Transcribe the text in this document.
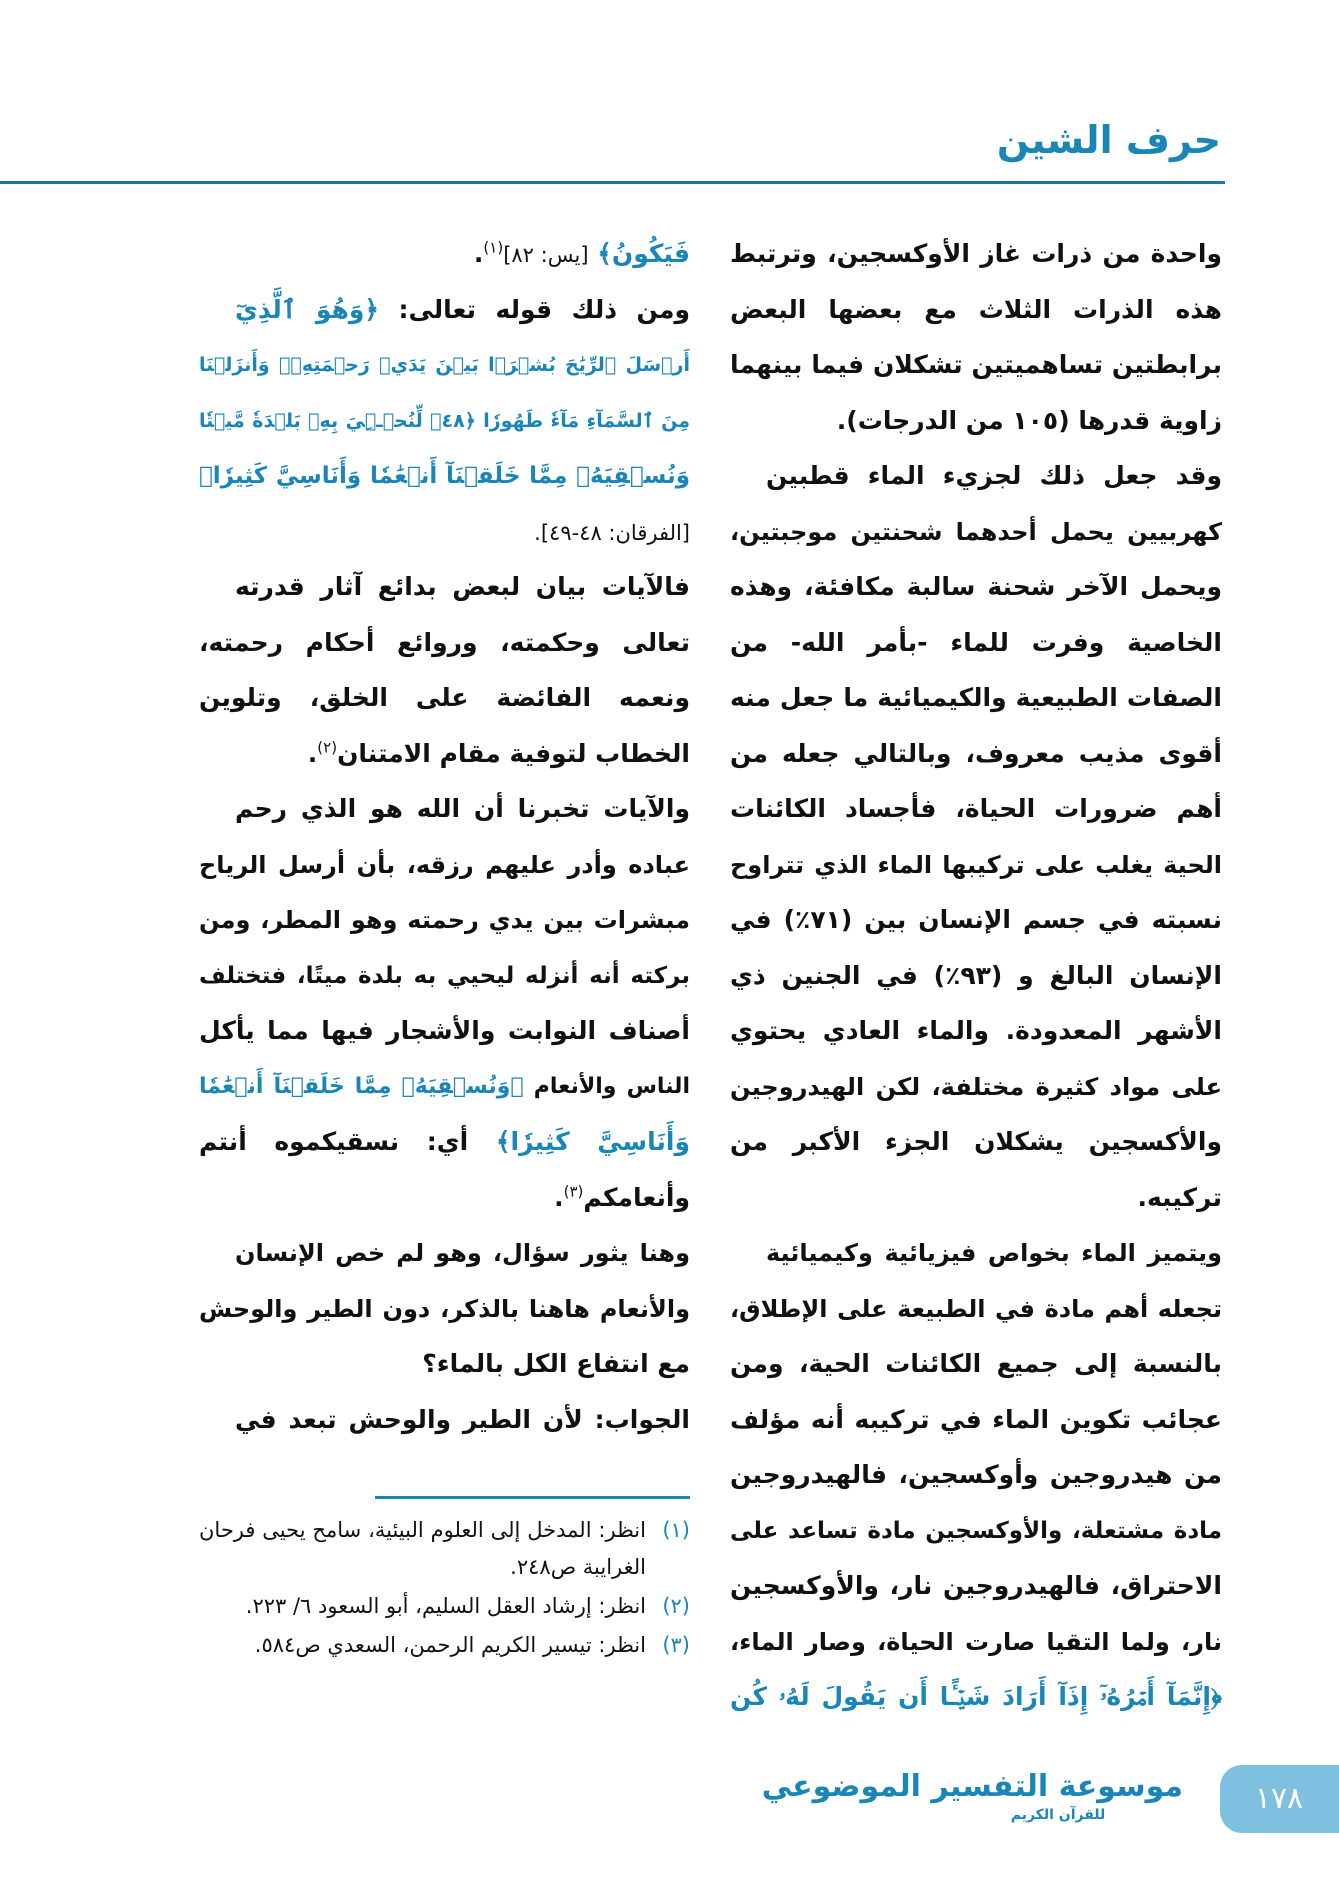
حرف الشين
واحدة من ذرات غاز الأوكسجين، وترتبط
هذه الذرات الثلاث مع بعضها البعض
برابطتين تساهميتين تشكلان فيما بينهما
زاوية قدرها (١٠٥ من الدرجات).
وقد جعل ذلك لجزيء الماء قطبين
كهربيين يحمل أحدهما شحنتين موجبتين،
ويحمل الآخر شحنة سالبة مكافئة، وهذه
الخاصية وفرت للماء -بأمر الله- من
الصفات الطبيعية والكيميائية ما جعل منه
أقوى مذيب معروف، وبالتالي جعله من
أهم ضرورات الحياة، فأجساد الكائنات
الحية يغلب على تركيبها الماء الذي تتراوح
نسبته في جسم الإنسان بين (٧١٪) في
الإنسان البالغ و (٩٣٪) في الجنين ذي
الأشهر المعدودة. والماء العادي يحتوي
على مواد كثيرة مختلفة، لكن الهيدروجين
والأكسجين يشكلان الجزء الأكبر من
تركيبه.
ويتميز الماء بخواص فيزيائية وكيميائية
تجعله أهم مادة في الطبيعة على الإطلاق،
بالنسبة إلى جميع الكائنات الحية، ومن
عجائب تكوين الماء في تركيبه أنه مؤلف
من هيدروجين وأوكسجين، فالهيدروجين
مادة مشتعلة، والأوكسجين مادة تساعد على
الاحتراق، فالهيدروجين نار، والأوكسجين
نار، ولما التقيا صارت الحياة، وصار الماء،
﴿إِنَّمَآ أَمۡرُهُۥٓ إِذَآ أَرَادَ شَيۡـًٔا أَن يَقُولَ لَهُۥ كُن
فَيَكُونُ﴾ [يس: ٨٢]$^{(١)}$.
ومن ذلك قوله تعالى: ﴿وَهُوَ ٱلَّذِيٓ
أَرۡسَلَ ٱلرِّيَٰحَ بُشۡرَۢا بَيۡنَ يَدَيۡ رَحۡمَتِهِۦۚ وَأَنزَلۡنَا
مِنَ ٱلسَّمَآءِ مَآءٗ طَهُورٗا ﴿٤٨﴾ لِّنُحۡـِۧيَ بِهِۦ بَلۡدَةٗ مَّيۡتٗا
وَنُسۡقِيَهُۥ مِمَّا خَلَقۡنَآ أَنۡعَٰمٗا وَأَنَاسِيَّ كَثِيرٗا﴾
[الفرقان: ٤٨-٤٩].
فالآيات بيان لبعض بدائع آثار قدرته
تعالى وحكمته، وروائع أحكام رحمته،
ونعمه الفائضة على الخلق، وتلوين
الخطاب لتوفية مقام الامتنان$^{(٢)}$.
والآيات تخبرنا أن الله هو الذي رحم
عباده وأدر عليهم رزقه، بأن أرسل الرياح
مبشرات بين يدي رحمته وهو المطر، ومن
بركته أنه أنزله ليحيي به بلدة ميتًا، فتختلف
أصناف النوابت والأشجار فيها مما يأكل
الناس والأنعام ﴿وَنُسۡقِيَهُۥ مِمَّا خَلَقۡنَآ أَنۡعَٰمٗا
وَأَنَاسِيَّ كَثِيرٗا﴾ أي: نسقيكموه أنتم
وأنعامكم$^{(٣)}$.
وهنا يثور سؤال، وهو لم خص الإنسان
والأنعام هاهنا بالذكر، دون الطير والوحش
مع انتفاع الكل بالماء؟
الجواب: لأن الطير والوحش تبعد في
(١)
انظر: المدخل إلى العلوم البيئية، سامح يحيى فرحان الغرايبة ص٢٤٨.
(٢)
انظر: إرشاد العقل السليم، أبو السعود ٦/ ٢٢٣.
(٣)
انظر: تيسير الكريم الرحمن، السعدي ص٥٨٤.
موسوعة التفسير الموضوعي
للقرآن الكريم	١٧٨
